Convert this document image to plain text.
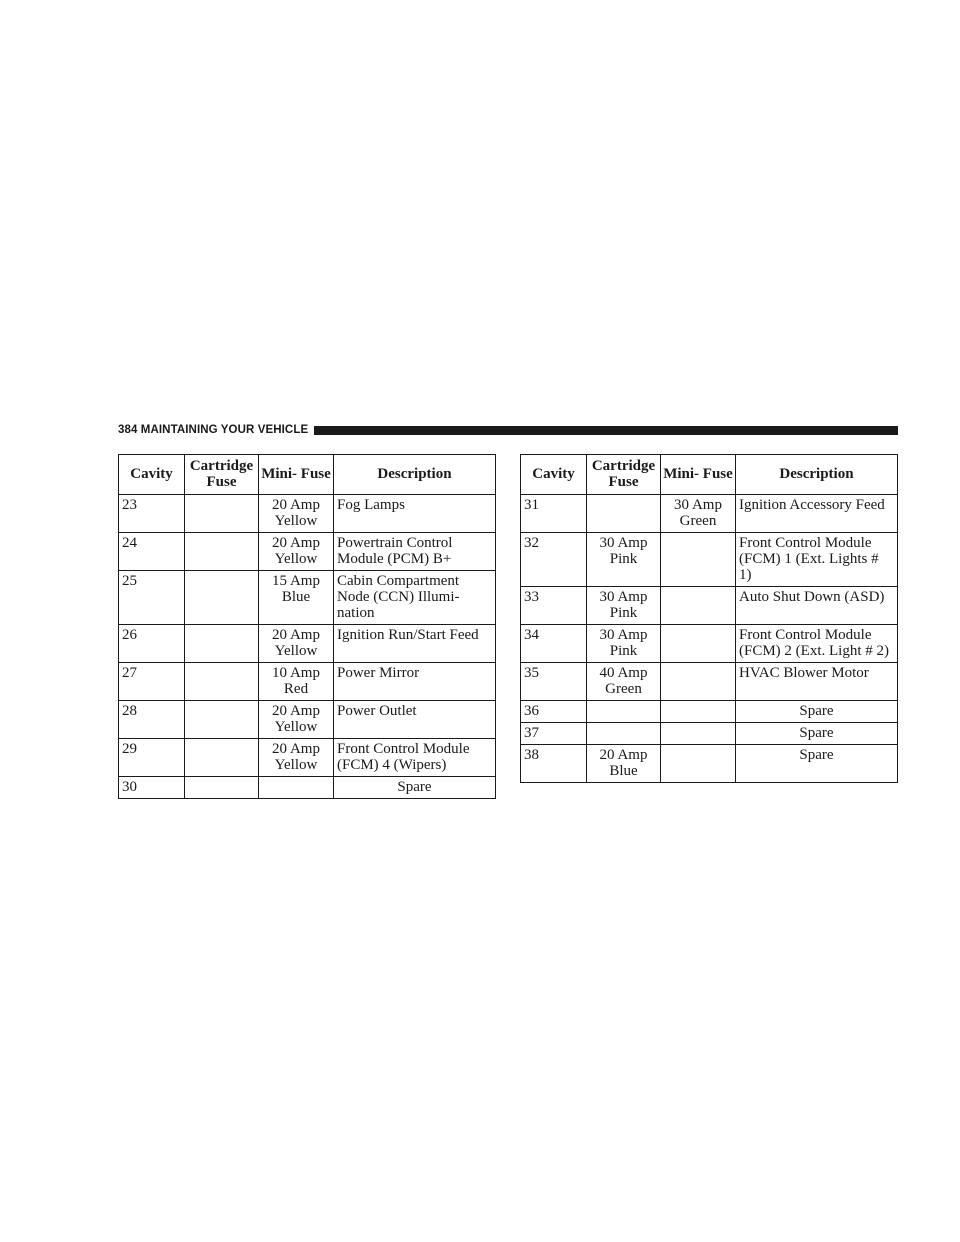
384 MAINTAINING YOUR VEHICLE
Cavity	Cartridge Fuse	Mini- Fuse	Description
23		20 Amp Yellow	Fog Lamps
24		20 Amp Yellow	Powertrain Control Module (PCM) B+
25		15 Amp Blue	Cabin Compartment Node (CCN) Illumi- nation
26		20 Amp Yellow	Ignition Run/Start Feed
27		10 Amp Red	Power Mirror
28		20 Amp Yellow	Power Outlet
29		20 Amp Yellow	Front Control Module (FCM) 4 (Wipers)
30			Spare
Cavity	Cartridge Fuse	Mini- Fuse	Description
31		30 Amp Green	Ignition Accessory Feed
32	30 Amp Pink		Front Control Module (FCM) 1 (Ext. Lights # 1)
33	30 Amp Pink		Auto Shut Down (ASD)
34	30 Amp Pink		Front Control Module (FCM) 2 (Ext. Light # 2)
35	40 Amp Green		HVAC Blower Motor
36			Spare
37			Spare
38	20 Amp Blue		Spare
